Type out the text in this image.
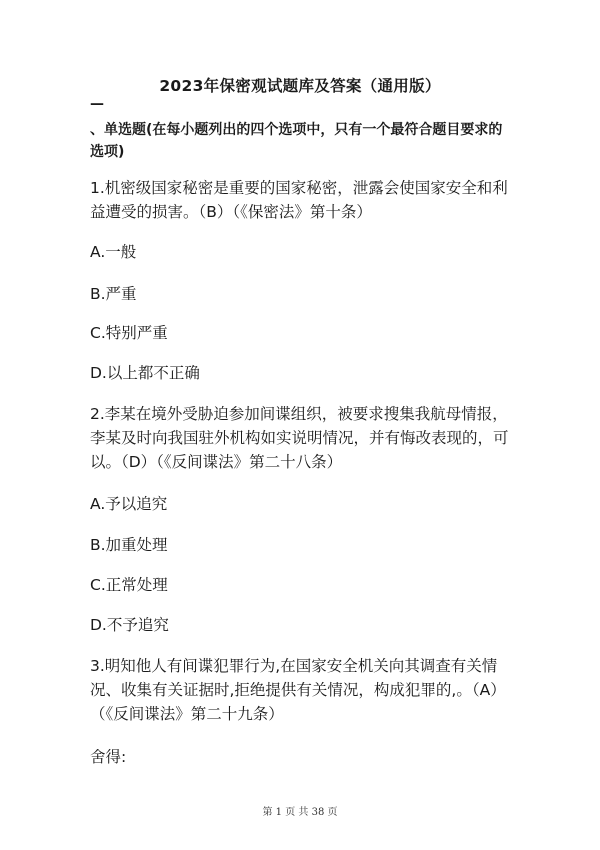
2023年保密观试题库及答案（通用版）
—
、单选题(在每小题列出的四个选项中，只有一个最符合题目要求的选项)
1.机密级国家秘密是重要的国家秘密，泄露会使国家安全和利益遭受的损害。（B）（《保密法》第十条）
A.一般
B.严重
C.特别严重
D.以上都不正确
2.李某在境外受胁迫参加间谍组织，被要求搜集我航母情报，李某及时向我国驻外机构如实说明情况，并有悔改表现的，可以。（D）（《反间谍法》第二十八条）
A.予以追究
B.加重处理
C.正常处理
D.不予追究
3.明知他人有间谍犯罪行为,在国家安全机关向其调查有关情况、收集有关证据时,拒绝提供有关情况，构成犯罪的,。（A）（《反间谍法》第二十九条）
舍得:
第 1 页 共 38 页
